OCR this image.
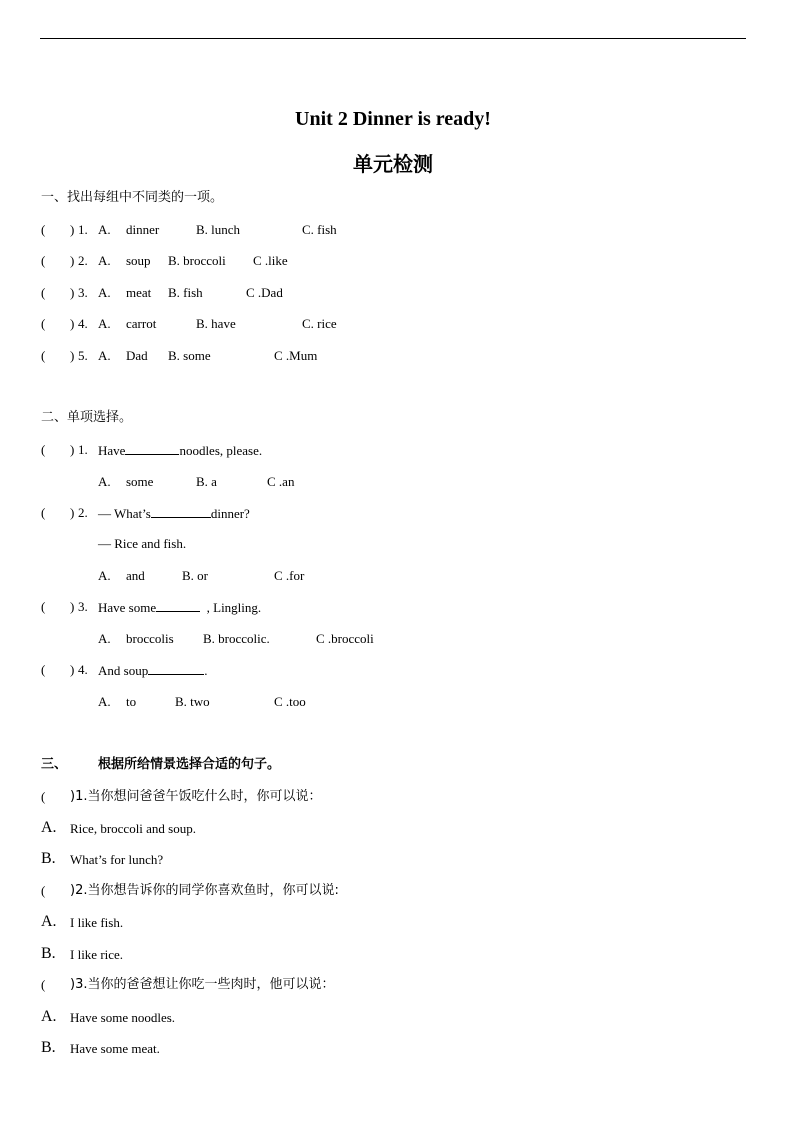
Unit 2 Dinner is ready!
单元检测
一、找出每组中不同类的一项。
( ) 1. A. dinner	B. lunch	C. fish
( ) 2. A. soup B. broccoli C .like
( ) 3. A. meat B. fish	C .Dad
( ) 4. A. carrot	B. have	C. rice
( ) 5. A. Dad B. some	C .Mum
二、单项选择。
( ) 1. Have	noodles, please.
A. some	B. a	C .an
( ) 2. — What’s	dinner?
— Rice and fish.
A. and	B. or	C .for
( ) 3. Have some	, Lingling.
A. broccolis B. broccolic.	C .broccoli
( ) 4. And soup	.
A. to	B. two	C .too
三、 根据所给情景选择合适的句子。
( )1.当你想问爸爸午饭吃什么时，你可以说：
A. Rice, broccoli and soup.
B. What’s for lunch?
( )2.当你想告诉你的同学你喜欢鱼时，你可以说:
A. I like fish.
B. I like rice.
( )3.当你的爸爸想让你吃一些肉时，他可以说：
A. Have some noodles.
B. Have some meat.
